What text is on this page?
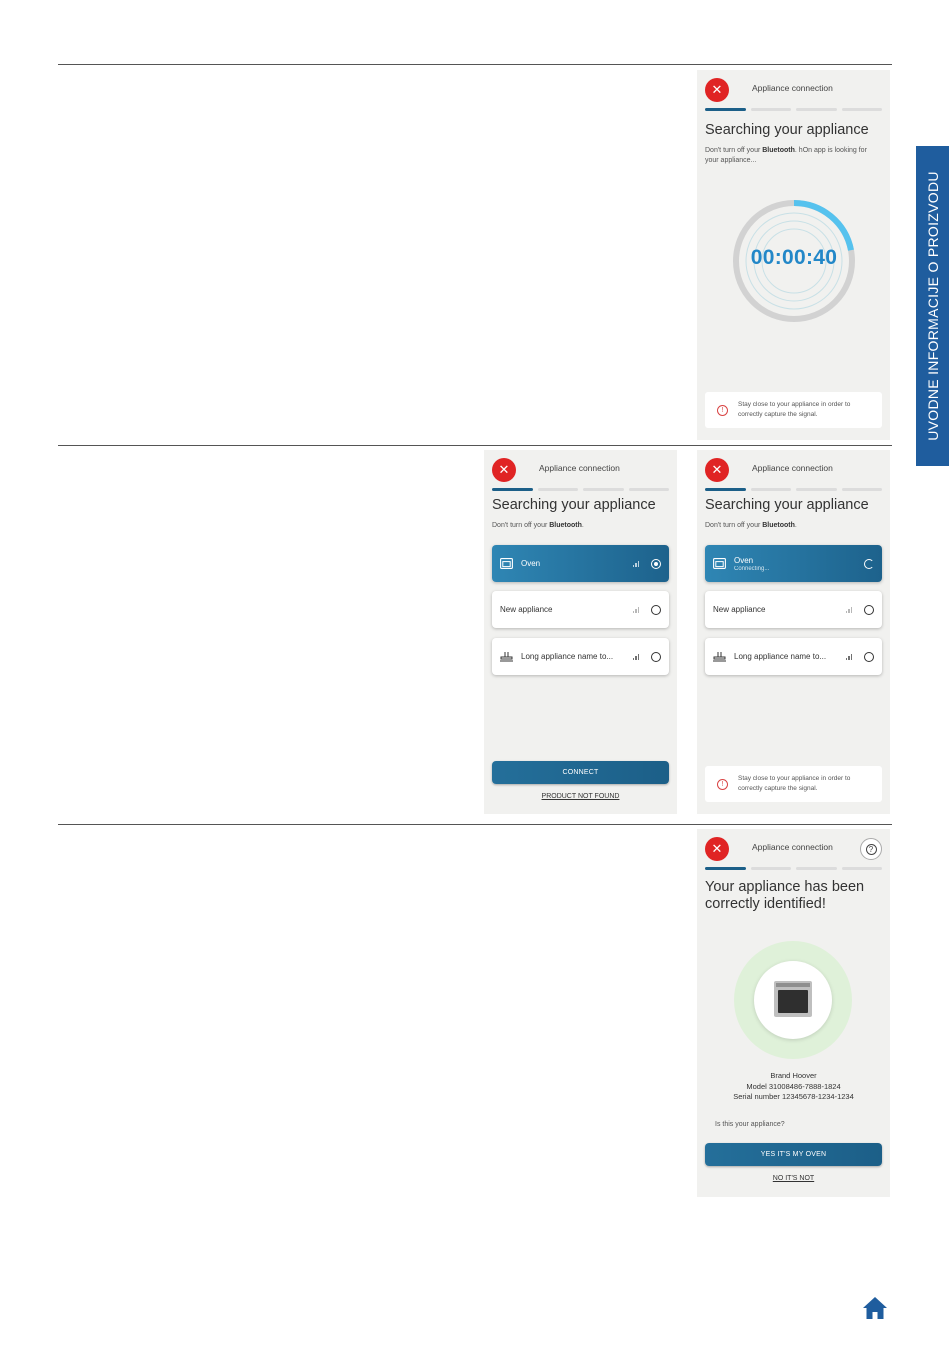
UVODNE INFORMACIJE O PROIZVODU
✕	Appliance connection
Searching your appliance
Don't turn off your Bluetooth. hOn app is looking for your appliance...
00:00:40
!
Stay close to your appliance in order to correctly capture the signal.
✕	Appliance connection
Searching your appliance
Don't turn off your Bluetooth.
Oven
New appliance
Long appliance name to...
CONNECT
PRODUCT NOT FOUND
✕	Appliance connection
Searching your appliance
Don't turn off your Bluetooth.
Oven
Connecting...
New appliance
Long appliance name to...
!
Stay close to your appliance in order to correctly capture the signal.
✕	Appliance connection	?
Your appliance has been
correctly identified!
Brand Hoover
Model 31008486-7888-1824
Serial number 12345678-1234-1234
Is this your appliance?
YES IT'S MY OVEN
NO IT'S NOT
